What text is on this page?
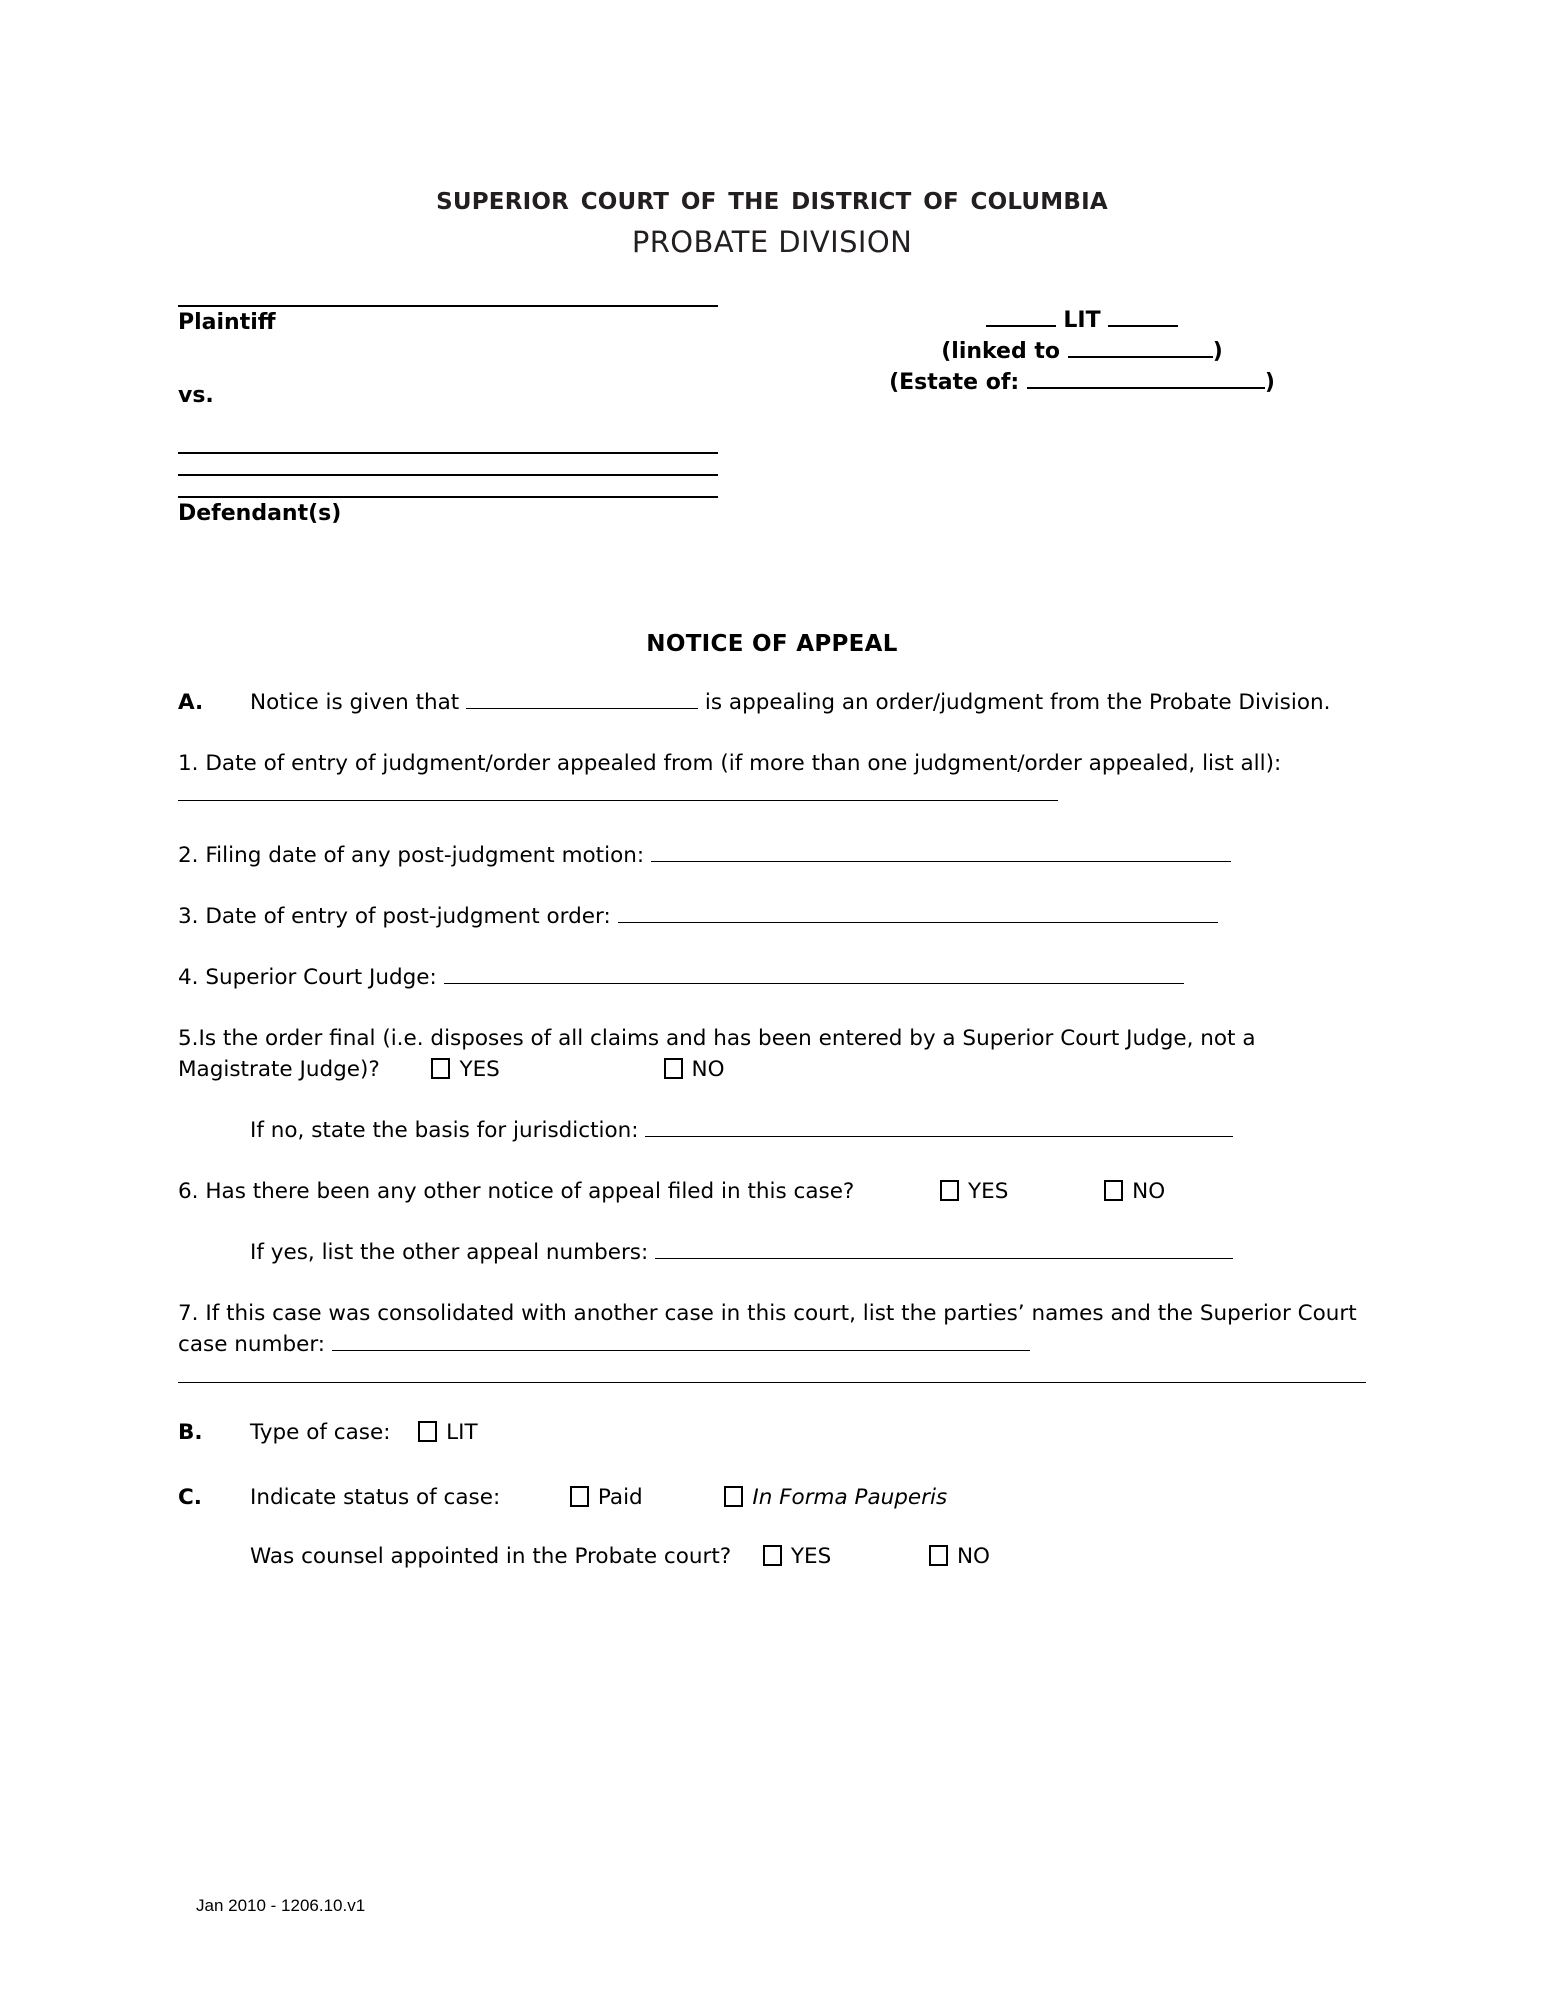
superior court of the district of columbia
PROBATE DIVISION
Plaintiff
vs.
Defendant(s)
LIT
(linked to	)
(Estate of:	)
NOTICE OF APPEAL
A. Notice is given that	is appealing an order/judgment from the Probate Division.
1. Date of entry of judgment/order appealed from (if more than one judgment/order appealed, list all):
2. Filing date of any post-judgment motion:
3. Date of entry of post-judgment order:
4. Superior Court Judge:
5.Is the order final (i.e. disposes of all claims and has been entered by a Superior Court Judge, not a Magistrate Judge)?	YES	NO
If no, state the basis for jurisdiction:
6. Has there been any other notice of appeal filed in this case?	YES	NO
If yes, list the other appeal numbers:
7. If this case was consolidated with another case in this court, list the parties’ names and the Superior Court case number:
B. Type of case:	LIT
C. Indicate status of case:	Paid	In Forma Pauperis
Was counsel appointed in the Probate court?	YES	NO
Jan 2010 - 1206.10.v1
